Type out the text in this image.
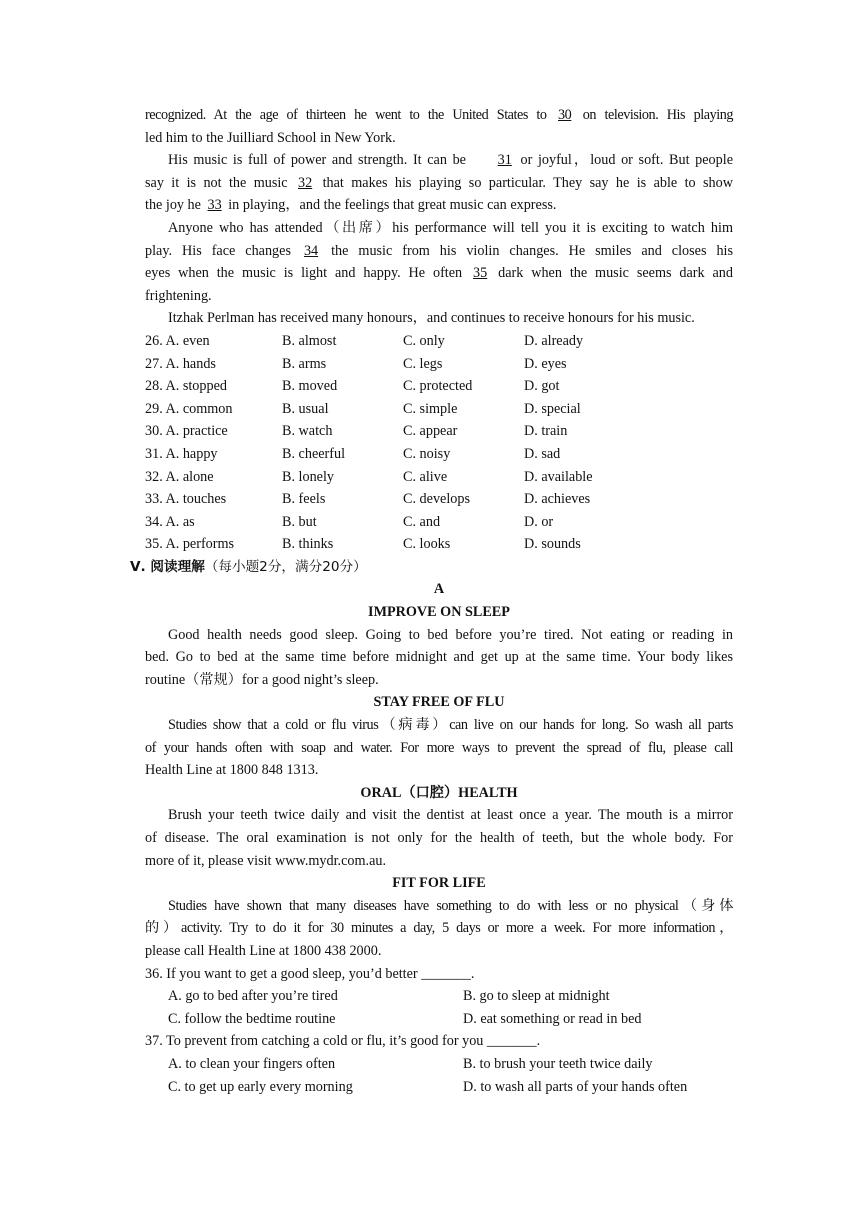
recognized. At the age of thirteen he went to the United States to 30 on television. His playing
led him to the Juilliard School in New York.
His music is full of power and strength. It can be 31 or joyful，loud or soft. But people
say it is not the music 32 that makes his playing so particular. They say he is able to show
the joy he 33 in playing，and the feelings that great music can express.
Anyone who has attended（出席）his performance will tell you it is exciting to watch him
play. His face changes 34 the music from his violin changes. He smiles and closes his
eyes when the music is light and happy. He often 35 dark when the music seems dark and
frightening.
Itzhak Perlman has received many honours，and continues to receive honours for his music.
26. A. even	B. almost	C. only	D. already
27. A. hands	B. arms	C. legs	D. eyes
28. A. stopped	B. moved	C. protected	D. got
29. A. common	B. usual	C. simple	D. special
30. A. practice	B. watch	C. appear	D. train
31. A. happy	B. cheerful	C. noisy	D. sad
32. A. alone	B. lonely	C. alive	D. available
33. A. touches	B. feels	C. develops	D. achieves
34. A. as	B. but	C. and	D. or
35. A. performs	B. thinks	C. looks	D. sounds
Ⅴ. 阅读理解（每小题2分，满分20分）
A
IMPROVE ON SLEEP
Good health needs good sleep. Going to bed before you’re tired. Not eating or reading in
bed. Go to bed at the same time before midnight and get up at the same time. Your body likes
routine（常规）for a good night’s sleep.
STAY FREE OF FLU
Studies show that a cold or flu virus（病毒）can live on our hands for long. So wash all parts
of your hands often with soap and water. For more ways to prevent the spread of flu, please call
Health Line at 1800 848 1313.
ORAL（口腔）HEALTH
Brush your teeth twice daily and visit the dentist at least once a year. The mouth is a mirror
of disease. The oral examination is not only for the health of teeth, but the whole body. For
more of it, please visit www.mydr.com.au.
FIT FOR LIFE
Studies have shown that many diseases have something to do with less or no physical（身体
的）activity. Try to do it for 30 minutes a day, 5 days or more a week. For more information，
please call Health Line at 1800 438 2000.
36. If you want to get a good sleep, you’d better _______.
A. go to bed after you’re tired	B. go to sleep at midnight
C. follow the bedtime routine	D. eat something or read in bed
37. To prevent from catching a cold or flu, it’s good for you _______.
A. to clean your fingers often	B. to brush your teeth twice daily
C. to get up early every morning	D. to wash all parts of your hands often
